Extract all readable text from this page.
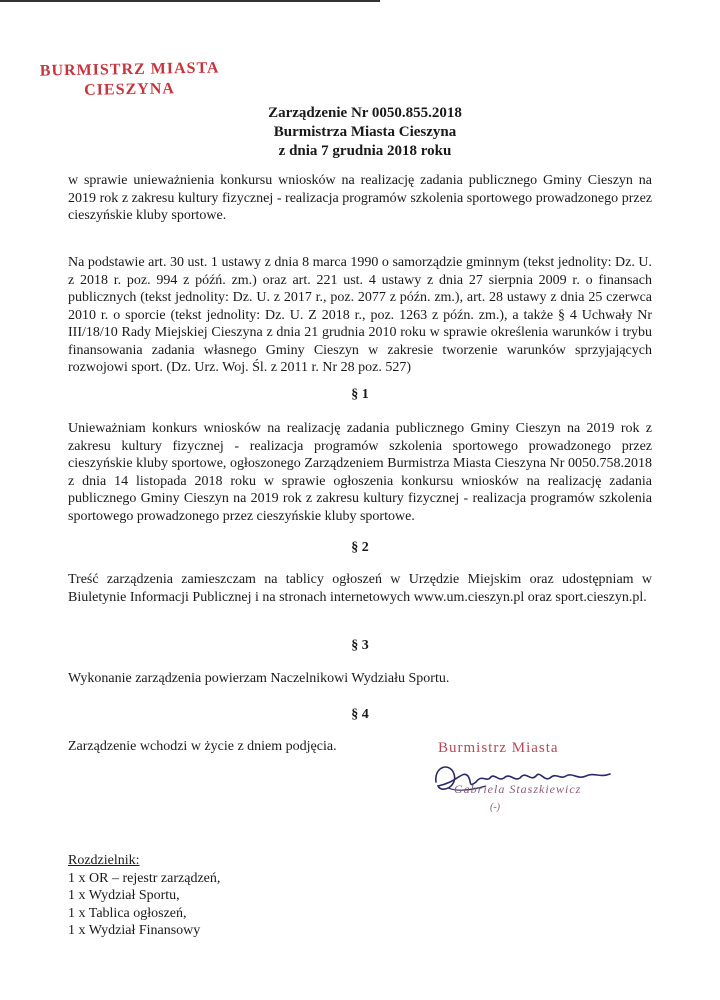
BURMISTRZ MIASTA
CIESZYNA
Zarządzenie Nr 0050.855.2018
Burmistrza Miasta Cieszyna
z dnia 7 grudnia 2018 roku
w sprawie unieważnienia konkursu wniosków na realizację zadania publicznego Gminy Cieszyn na 2019 rok z zakresu kultury fizycznej - realizacja programów szkolenia sportowego prowadzonego przez cieszyńskie kluby sportowe.
Na podstawie art. 30 ust. 1 ustawy z dnia 8 marca 1990 o samorządzie gminnym (tekst jednolity: Dz. U. z 2018 r. poz. 994 z późń. zm.) oraz art. 221 ust. 4 ustawy z dnia 27 sierpnia 2009 r. o finansach publicznych (tekst jednolity: Dz. U. z 2017 r., poz. 2077 z późn. zm.), art. 28 ustawy z dnia 25 czerwca 2010 r. o sporcie (tekst jednolity: Dz. U. Z 2018 r., poz. 1263 z późn. zm.), a także § 4 Uchwały Nr III/18/10 Rady Miejskiej Cieszyna z dnia 21 grudnia 2010 roku w sprawie określenia warunków i trybu finansowania zadania własnego Gminy Cieszyn w zakresie tworzenie warunków sprzyjających rozwojowi sport. (Dz. Urz. Woj. Śl. z 2011 r. Nr 28 poz. 527)
§ 1
Unieważniam konkurs wniosków na realizację zadania publicznego Gminy Cieszyn na 2019 rok z zakresu kultury fizycznej - realizacja programów szkolenia sportowego prowadzonego przez cieszyńskie kluby sportowe, ogłoszonego Zarządzeniem Burmistrza Miasta Cieszyna Nr 0050.758.2018 z dnia 14 listopada 2018 roku w sprawie ogłoszenia konkursu wniosków na realizację zadania publicznego Gminy Cieszyn na 2019 rok z zakresu kultury fizycznej - realizacja programów szkolenia sportowego prowadzonego przez cieszyńskie kluby sportowe.
§ 2
Treść zarządzenia zamieszczam na tablicy ogłoszeń w Urzędzie Miejskim oraz udostępniam w Biuletynie Informacji Publicznej i na stronach internetowych www.um.cieszyn.pl oraz sport.cieszyn.pl.
§ 3
Wykonanie zarządzenia powierzam Naczelnikowi Wydziału Sportu.
§ 4
Zarządzenie wchodzi w życie z dniem podjęcia.	Burmistrz Miasta
Gabriela Staszkiewicz
(-)
Rozdzielnik:
1 x OR – rejestr zarządzeń,
1 x Wydział Sportu,
1 x Tablica ogłoszeń,
1 x Wydział Finansowy
